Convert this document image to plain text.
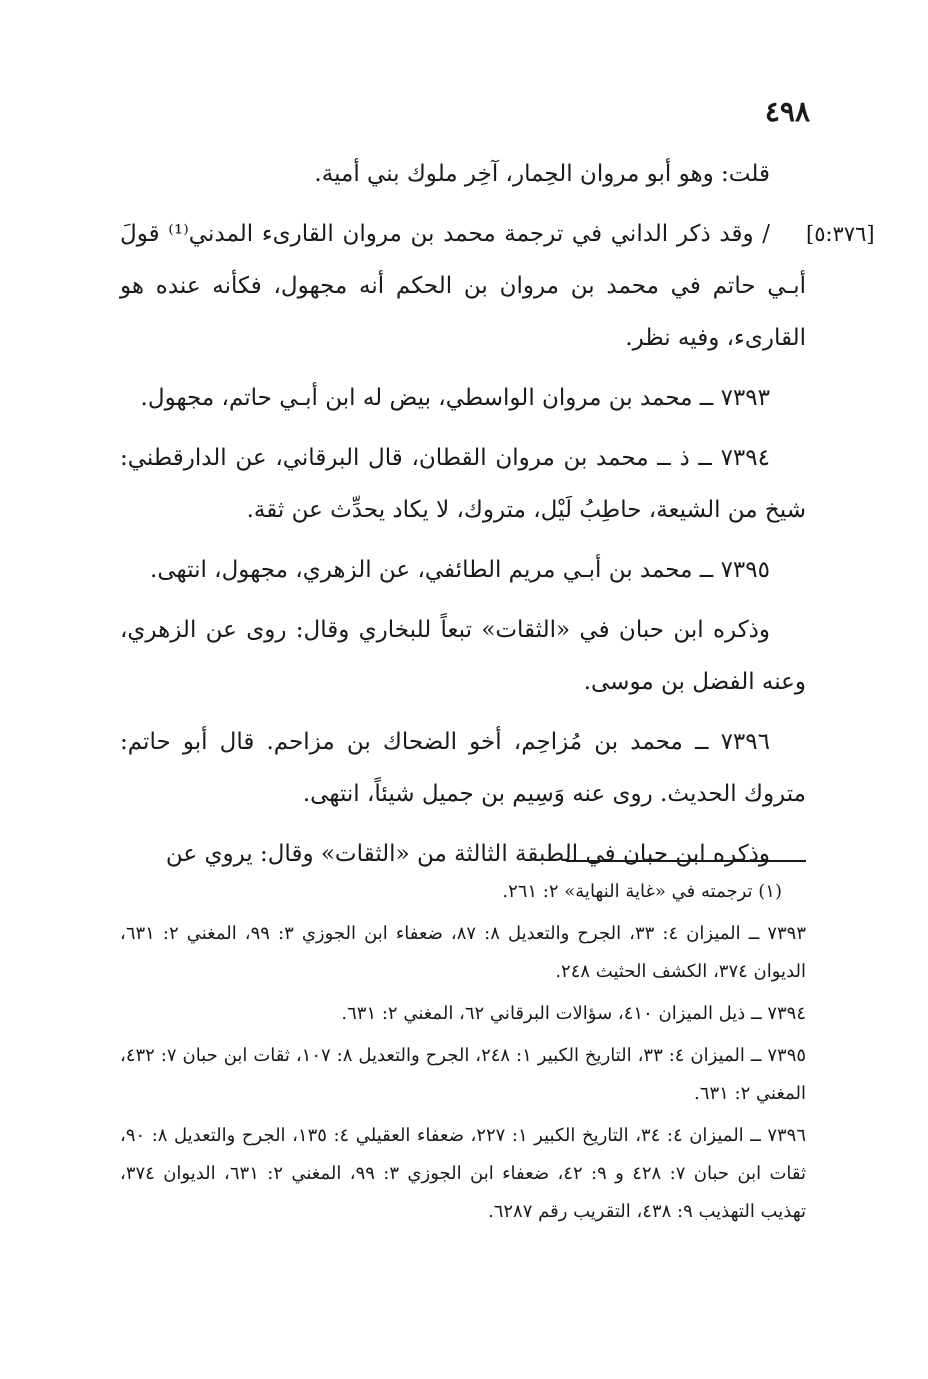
٤٩٨
[٥:٣٧٦]

قلت: وهو أبو مروان الحِمار، آخِر ملوك بني أمية.

/ وقد ذكر الداني في ترجمة محمد بن مروان القارىء المدني⁽¹⁾ قولَ أبـي حاتم في محمد بن مروان بن الحكم أنه مجهول، فكأنه عنده هو القارىء، وفيه نظر.

٧٣٩٣ ــ محمد بن مروان الواسطي، بيض له ابن أبـي حاتم، مجهول.

٧٣٩٤ ــ ذ ــ محمد بن مروان القطان، قال البرقاني، عن الدارقطني: شيخ من الشيعة، حاطِبُ لَيْل، متروك، لا يكاد يحدِّث عن ثقة.

٧٣٩٥ ــ محمد بن أبـي مريم الطائفي، عن الزهري، مجهول، انتهى.

وذكره ابن حبان في «الثقات» تبعاً للبخاري وقال: روى عن الزهري، وعنه الفضل بن موسى.

٧٣٩٦ ــ محمد بن مُزاحِم، أخو الضحاك بن مزاحم. قال أبو حاتم: متروك الحديث. روى عنه وَسِيم بن جميل شيئاً، انتهى.

وذكره ابن حبان في الطبقة الثالثة من «الثقات» وقال: يروي عن

(١) ترجمته في «غاية النهاية» ٢: ٢٦١.

٧٣٩٣ ــ الميزان ٤: ٣٣، الجرح والتعديل ٨: ٨٧، ضعفاء ابن الجوزي ٣: ٩٩، المغني ٢: ٦٣١، الديوان ٣٧٤، الكشف الحثيث ٢٤٨.

٧٣٩٤ ــ ذيل الميزان ٤١٠، سؤالات البرقاني ٦٢، المغني ٢: ٦٣١.

٧٣٩٥ ــ الميزان ٤: ٣٣، التاريخ الكبير ١: ٢٤٨، الجرح والتعديل ٨: ١٠٧، ثقات ابن حبان ٧: ٤٣٢، المغني ٢: ٦٣١.

٧٣٩٦ ــ الميزان ٤: ٣٤، التاريخ الكبير ١: ٢٢٧، ضعفاء العقيلي ٤: ١٣٥، الجرح والتعديل ٨: ٩٠، ثقات ابن حبان ٧: ٤٢٨ و ٩: ٤٢، ضعفاء ابن الجوزي ٣: ٩٩، المغني ٢: ٦٣١، الديوان ٣٧٤، تهذيب التهذيب ٩: ٤٣٨، التقريب رقم ٦٢٨٧.
